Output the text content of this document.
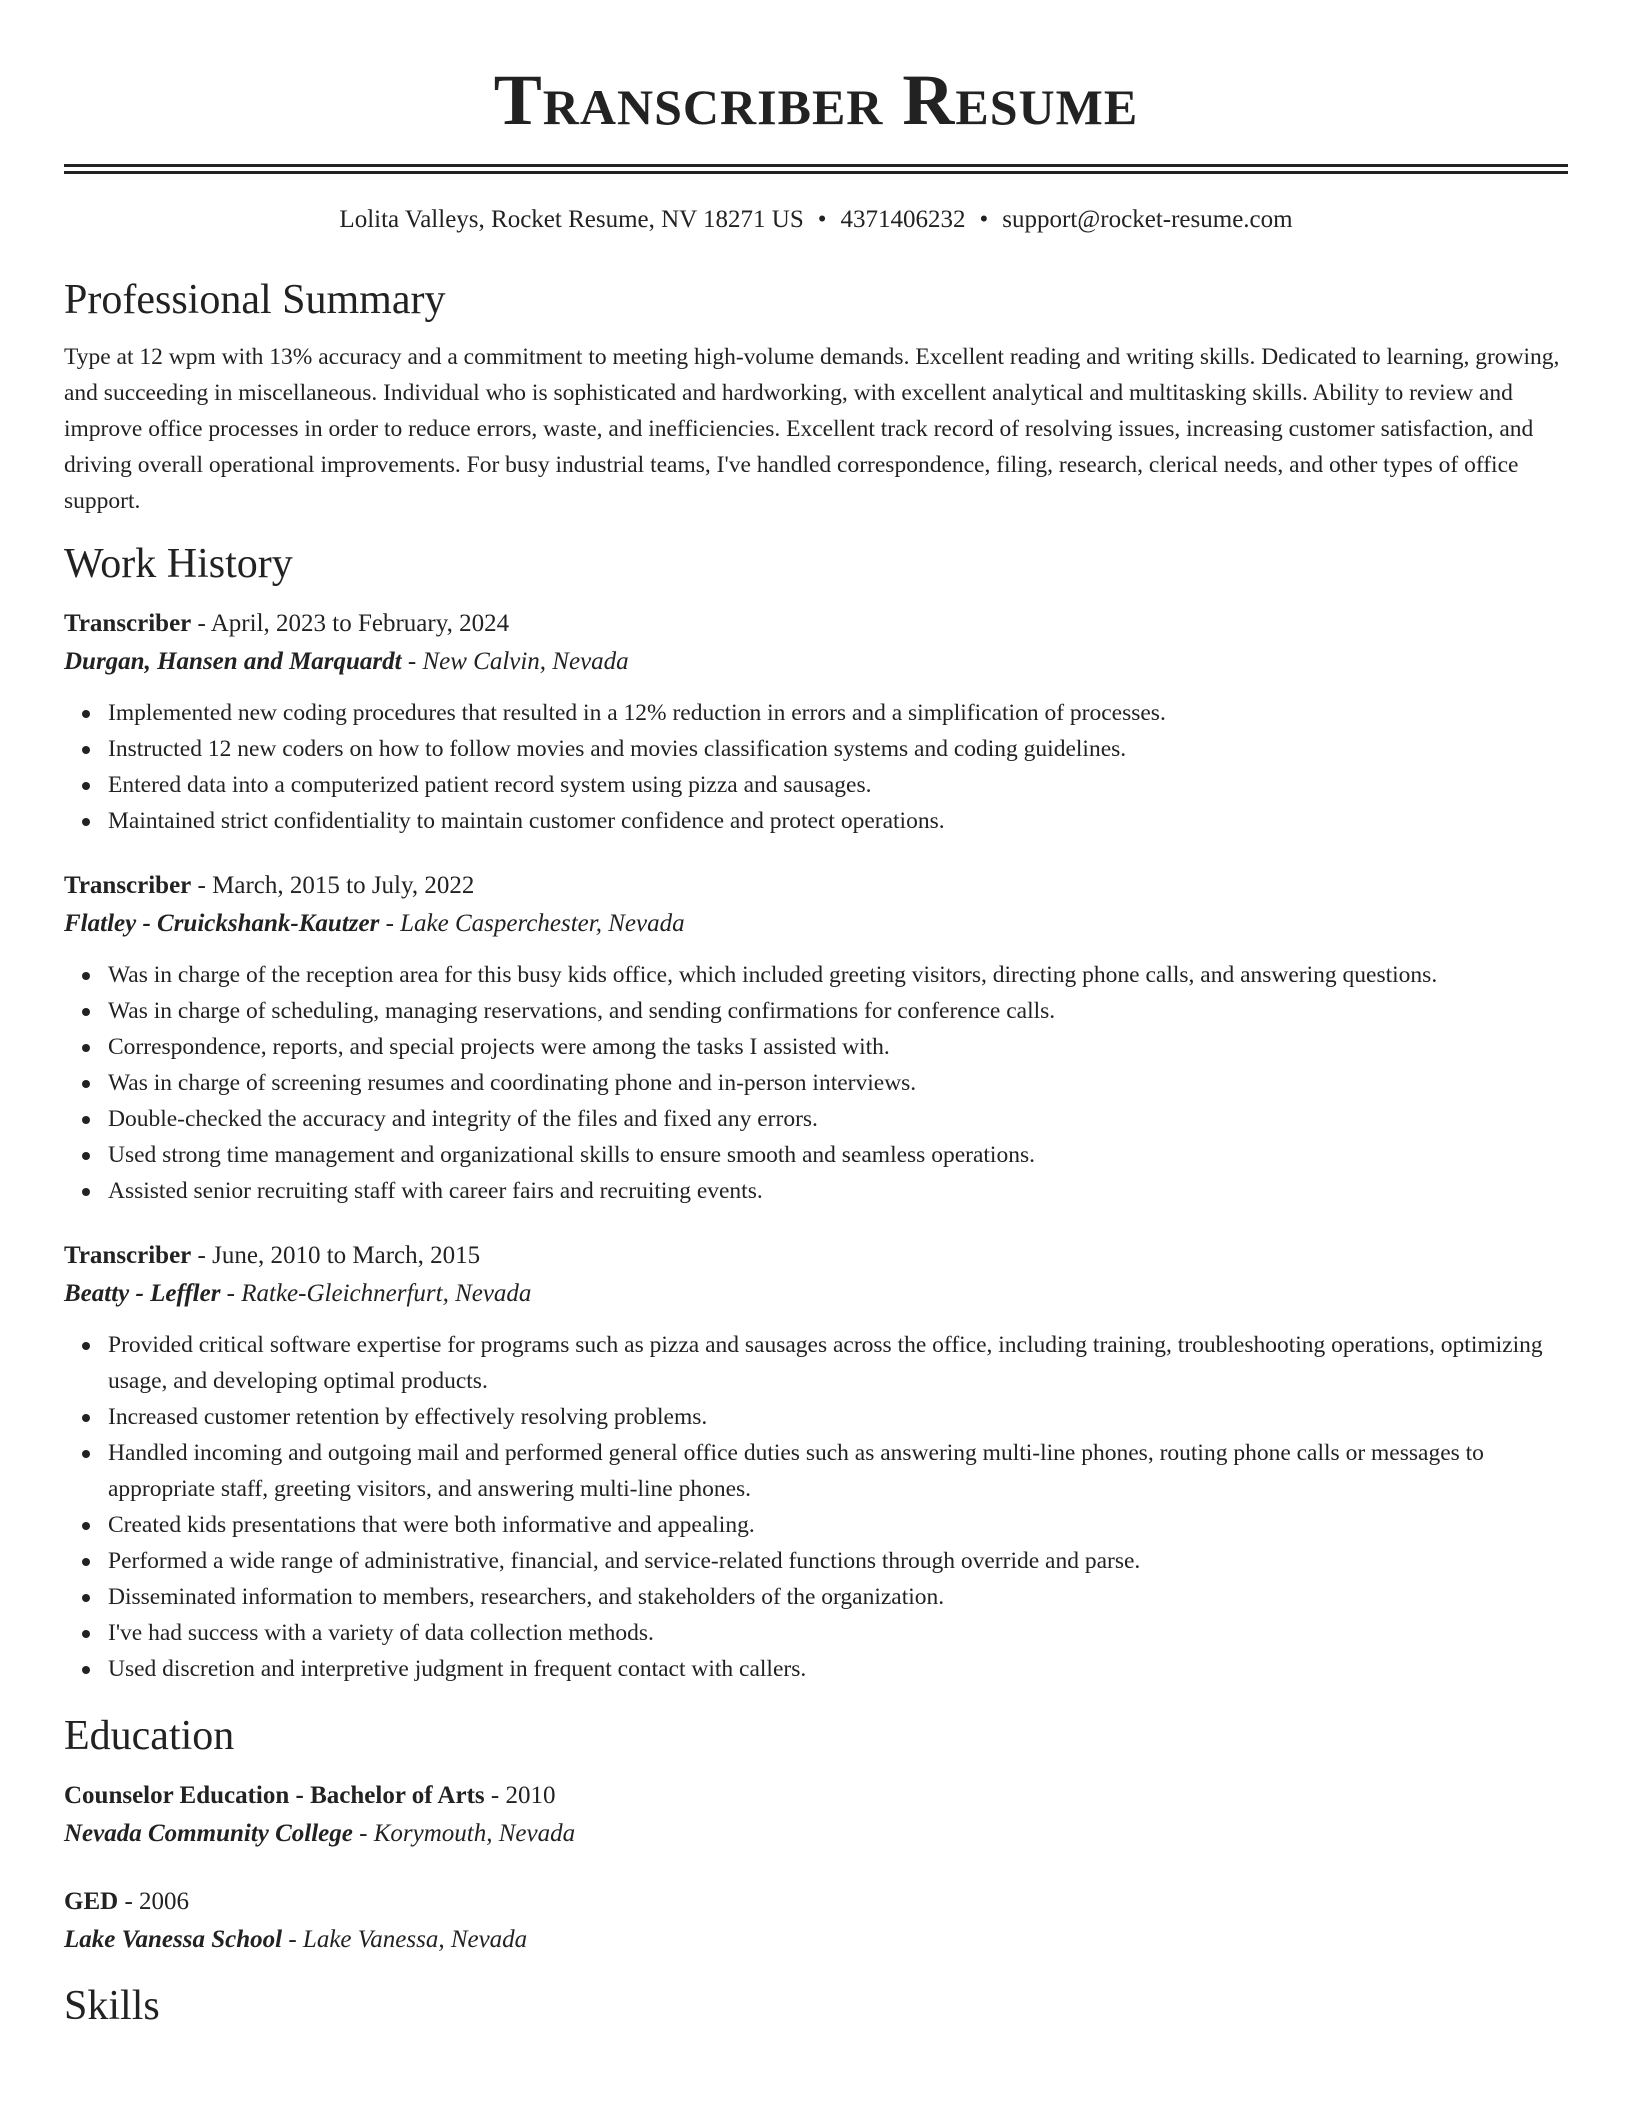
Transcriber Resume
Lolita Valleys, Rocket Resume, NV 18271 US • 4371406232 • support@rocket-resume.com
Professional Summary

Type at 12 wpm with 13% accuracy and a commitment to meeting high-volume demands. Excellent reading and writing skills. Dedicated to learning, growing, and succeeding in miscellaneous. Individual who is sophisticated and hardworking, with excellent analytical and multitasking skills. Ability to review and improve office processes in order to reduce errors, waste, and inefficiencies. Excellent track record of resolving issues, increasing customer satisfaction, and driving overall operational improvements. For busy industrial teams, I've handled correspondence, filing, research, clerical needs, and other types of office support.

Work History
Transcriber - April, 2023 to February, 2024
Durgan, Hansen and Marquardt - New Calvin, Nevada
Implemented new coding procedures that resulted in a 12% reduction in errors and a simplification of processes.
Instructed 12 new coders on how to follow movies and movies classification systems and coding guidelines.
Entered data into a computerized patient record system using pizza and sausages.
Maintained strict confidentiality to maintain customer confidence and protect operations.
Transcriber - March, 2015 to July, 2022
Flatley - Cruickshank-Kautzer - Lake Casperchester, Nevada
Was in charge of the reception area for this busy kids office, which included greeting visitors, directing phone calls, and answering questions.
Was in charge of scheduling, managing reservations, and sending confirmations for conference calls.
Correspondence, reports, and special projects were among the tasks I assisted with.
Was in charge of screening resumes and coordinating phone and in-person interviews.
Double-checked the accuracy and integrity of the files and fixed any errors.
Used strong time management and organizational skills to ensure smooth and seamless operations.
Assisted senior recruiting staff with career fairs and recruiting events.
Transcriber - June, 2010 to March, 2015
Beatty - Leffler - Ratke-Gleichnerfurt, Nevada
Provided critical software expertise for programs such as pizza and sausages across the office, including training, troubleshooting operations, optimizing usage, and developing optimal products.
Increased customer retention by effectively resolving problems.
Handled incoming and outgoing mail and performed general office duties such as answering multi-line phones, routing phone calls or messages to appropriate staff, greeting visitors, and answering multi-line phones.
Created kids presentations that were both informative and appealing.
Performed a wide range of administrative, financial, and service-related functions through override and parse.
Disseminated information to members, researchers, and stakeholders of the organization.
I've had success with a variety of data collection methods.
Used discretion and interpretive judgment in frequent contact with callers.
Education
Counselor Education - Bachelor of Arts - 2010
Nevada Community College - Korymouth, Nevada
GED - 2006
Lake Vanessa School - Lake Vanessa, Nevada
Skills
